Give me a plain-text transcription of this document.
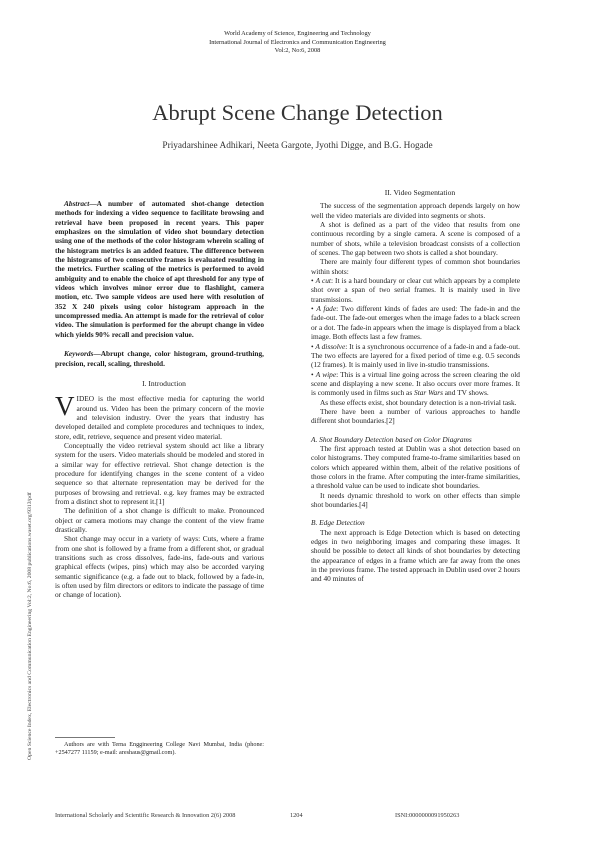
World Academy of Science, Engineering and Technology
International Journal of Electronics and Communication Engineering
Vol:2, No:6, 2008
Abrupt Scene Change Detection
Priyadarshinee Adhikari, Neeta Gargote, Jyothi Digge, and B.G. Hogade
Open Science Index, Electronics and Communication Engineering Vol:2, No:6, 2008 publications.waset.org/9313/pdf

Abstract—A number of automated shot-change detection methods for indexing a video sequence to facilitate browsing and retrieval have been proposed in recent years. This paper emphasizes on the simulation of video shot boundary detection using one of the methods of the color histogram wherein scaling of the histogram metrics is an added feature. The difference between the histograms of two consecutive frames is evaluated resulting in the metrics. Further scaling of the metrics is performed to avoid ambiguity and to enable the choice of apt threshold for any type of videos which involves minor error due to flashlight, camera motion, etc. Two sample videos are used here with resolution of 352 X 240 pixels using color histogram approach in the uncompressed media. An attempt is made for the retrieval of color video. The simulation is performed for the abrupt change in video which yields 90% recall and precision value.

Keywords—Abrupt change, color histogram, ground-truthing, precision, recall, scaling, threshold.

I. Introduction

VIDEO is the most effective media for capturing the world around us. Video has been the primary concern of the movie and television industry. Over the years that industry has developed detailed and complete procedures and techniques to index, store, edit, retrieve, sequence and present video material.

Conceptually the video retrieval system should act like a library system for the users. Video materials should be modeled and stored in a similar way for effective retrieval. Shot change detection is the procedure for identifying changes in the scene content of a video sequence so that alternate representation may be derived for the purposes of browsing and retrieval. e.g. key frames may be extracted from a distinct shot to represent it.[1]

The definition of a shot change is difficult to make. Pronounced object or camera motions may change the content of the view frame drastically.

Shot change may occur in a variety of ways: Cuts, where a frame from one shot is followed by a frame from a different shot, or gradual transitions such as cross dissolves, fade-ins, fade-outs and various graphical effects (wipes, pins) which may also be accorded varying semantic significance (e.g. a fade out to black, followed by a fade-in, is often used by film directors or editors to indicate the passage of time or change of location).

Authors are with Terna Enggineering College Navi Mumbai, India (phone: +2547277 11159; e-mail: areshaus@gmail.com).

II. Video Segmentation

The success of the segmentation approach depends largely on how well the video materials are divided into segments or shots.

A shot is defined as a part of the video that results from one continuous recording by a single camera. A scene is composed of a number of shots, while a television broadcast consists of a collection of scenes. The gap between two shots is called a shot boundary.

There are mainly four different types of common shot boundaries within shots:

• A cut: It is a hard boundary or clear cut which appears by a complete shot over a span of two serial frames. It is mainly used in live transmissions.

• A fade: Two different kinds of fades are used: The fade-in and the fade-out. The fade-out emerges when the image fades to a black screen or a dot. The fade-in appears when the image is displayed from a black image. Both effects last a few frames.

• A dissolve: It is a synchronous occurrence of a fade-in and a fade-out. The two effects are layered for a fixed period of time e.g. 0.5 seconds (12 frames). It is mainly used in live in-studio transmissions.

• A wipe: This is a virtual line going across the screen clearing the old scene and displaying a new scene. It also occurs over more frames. It is commonly used in films such as Star Wars and TV shows.

As these effects exist, shot boundary detection is a non-trivial task.

There have been a number of various approaches to handle different shot boundaries.[2]

A. Shot Boundary Detection based on Color Diagrams

The first approach tested at Dublin was a shot detection based on color histograms. They computed frame-to-frame similarities based on colors which appeared within them, albeit of the relative positions of those colors in the frame. After computing the inter-frame similarities, a threshold value can be used to indicate shot boundaries.

It needs dynamic threshold to work on other effects than simple shot boundaries.[4]

B. Edge Detection

The next approach is Edge Detection which is based on detecting edges in two neighboring images and comparing these images. It should be possible to detect all kinds of shot boundaries by detecting the appearance of edges in a frame which are far away from the ones in the previous frame. The tested approach in Dublin used over 2 hours and 40 minutes of

International Scholarly and Scientific Research & Innovation 2(6) 2008	1204	ISNI:0000000091950263
